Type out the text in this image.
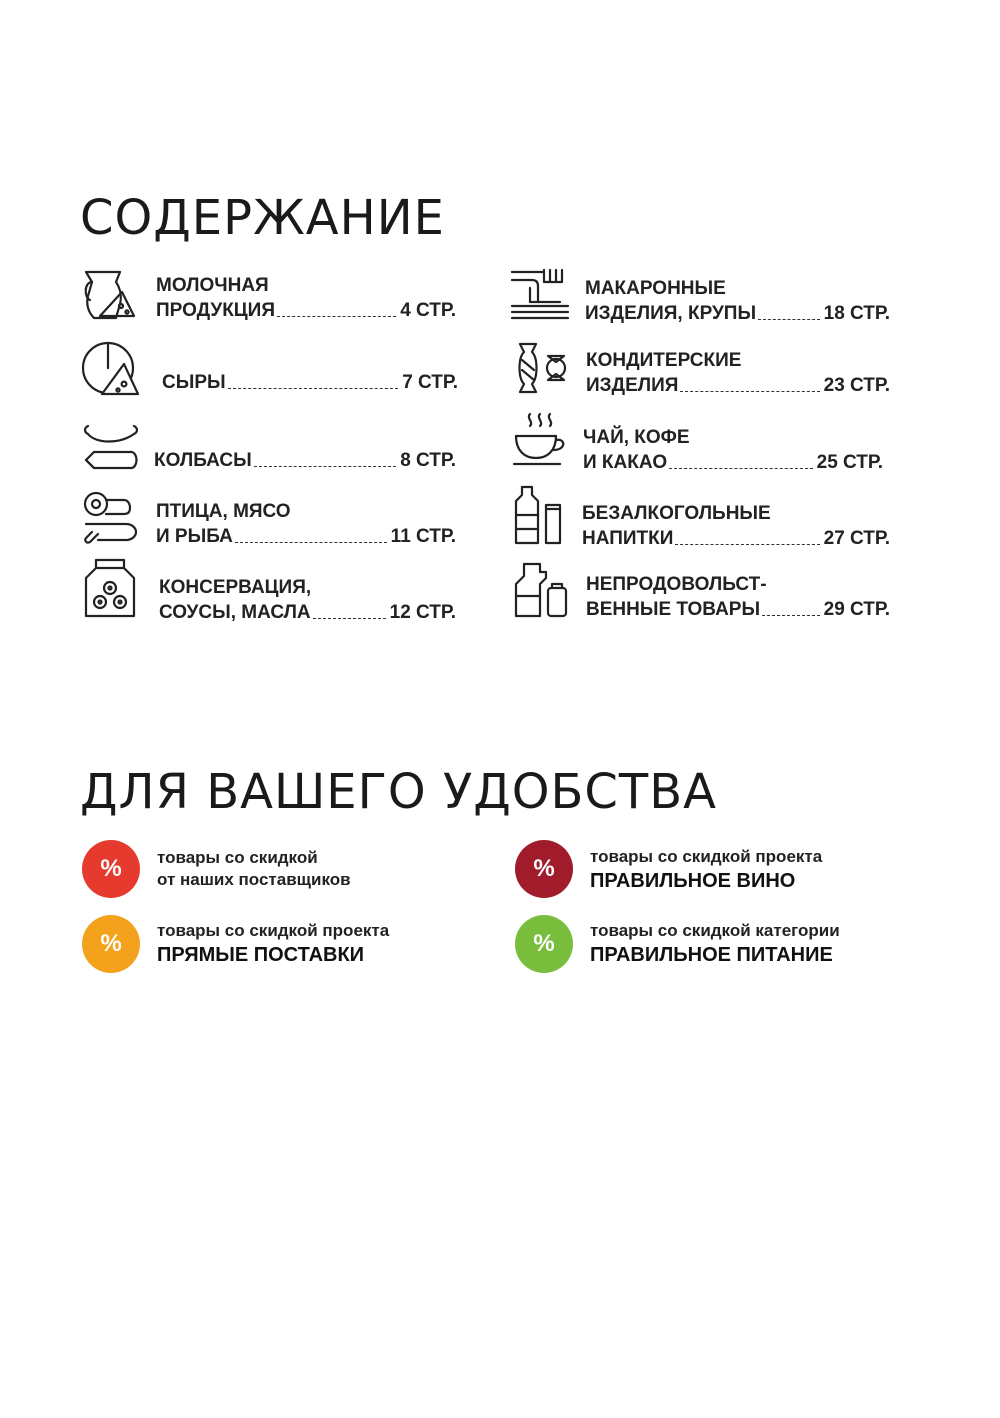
СОДЕРЖАНИЕ
МОЛОЧНАЯ
ПРОДУКЦИЯ	4 СТР.
СЫРЫ	7 СТР.
КОЛБАСЫ	8 СТР.
ПТИЦА, МЯСО
И РЫБА	11 СТР.
КОНСЕРВАЦИЯ,
СОУСЫ, МАСЛА	12 СТР.
МАКАРОННЫЕ
ИЗДЕЛИЯ, КРУПЫ	18 СТР.
КОНДИТЕРСКИЕ
ИЗДЕЛИЯ	23 СТР.
ЧАЙ, КОФЕ
И КАКАО	25 СТР.
БЕЗАЛКОГОЛЬНЫЕ
НАПИТКИ	27 СТР.
НЕПРОДОВОЛЬСТ-
ВЕННЫЕ ТОВАРЫ	29 СТР.
ДЛЯ ВАШЕГО УДОБСТВА
%	товары со скидкой
от наших поставщиков	%	товары со скидкой проекта
ПРАВИЛЬНОЕ ВИНО
%	товары со скидкой проекта
ПРЯМЫЕ ПОСТАВКИ	%	товары со скидкой категории
ПРАВИЛЬНОЕ ПИТАНИЕ
